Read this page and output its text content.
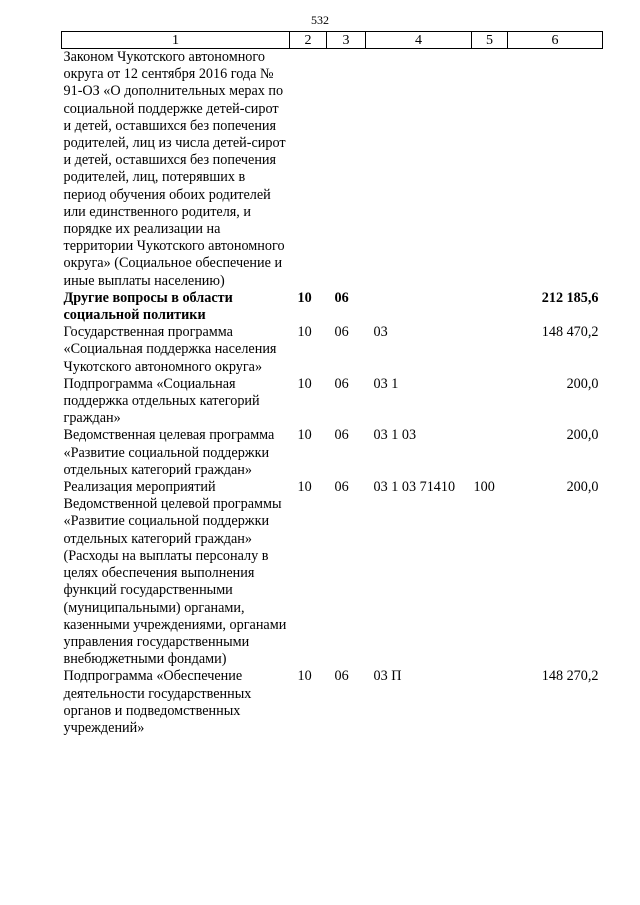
532
1	2	3	4	5	6
Законом Чукотского автономного округа от 12 сентября 2016 года № 91-ОЗ «О дополнительных мерах по социальной поддержке детей-сирот и детей, оставшихся без попечения родителей, лиц из числа детей-сирот и детей, оставшихся без попечения родителей, лиц, потерявших в период обучения обоих родителей или единственного родителя, и порядке их реализации на территории Чукотского автономного округа» (Социальное обеспечение и иные выплаты населению)					
Другие вопросы в области социальной политики	10	06			212 185,6
Государственная программа «Социальная поддержка населения Чукотского автономного округа»	10	06	03		148 470,2
Подпрограмма «Социальная поддержка отдельных категорий граждан»	10	06	03 1		200,0
Ведомственная целевая программа «Развитие социальной поддержки отдельных категорий граждан»	10	06	03 1 03		200,0
Реализация мероприятий Ведомственной целевой программы «Развитие социальной поддержки отдельных категорий граждан» (Расходы на выплаты персоналу в целях обеспечения выполнения функций государственными (муниципальными) органами, казенными учреждениями, органами управления государственными внебюджетными фондами)	10	06	03 1 03 71410	100	200,0
Подпрограмма «Обеспечение деятельности государственных органов и подведомственных учреждений»	10	06	03 П		148 270,2
